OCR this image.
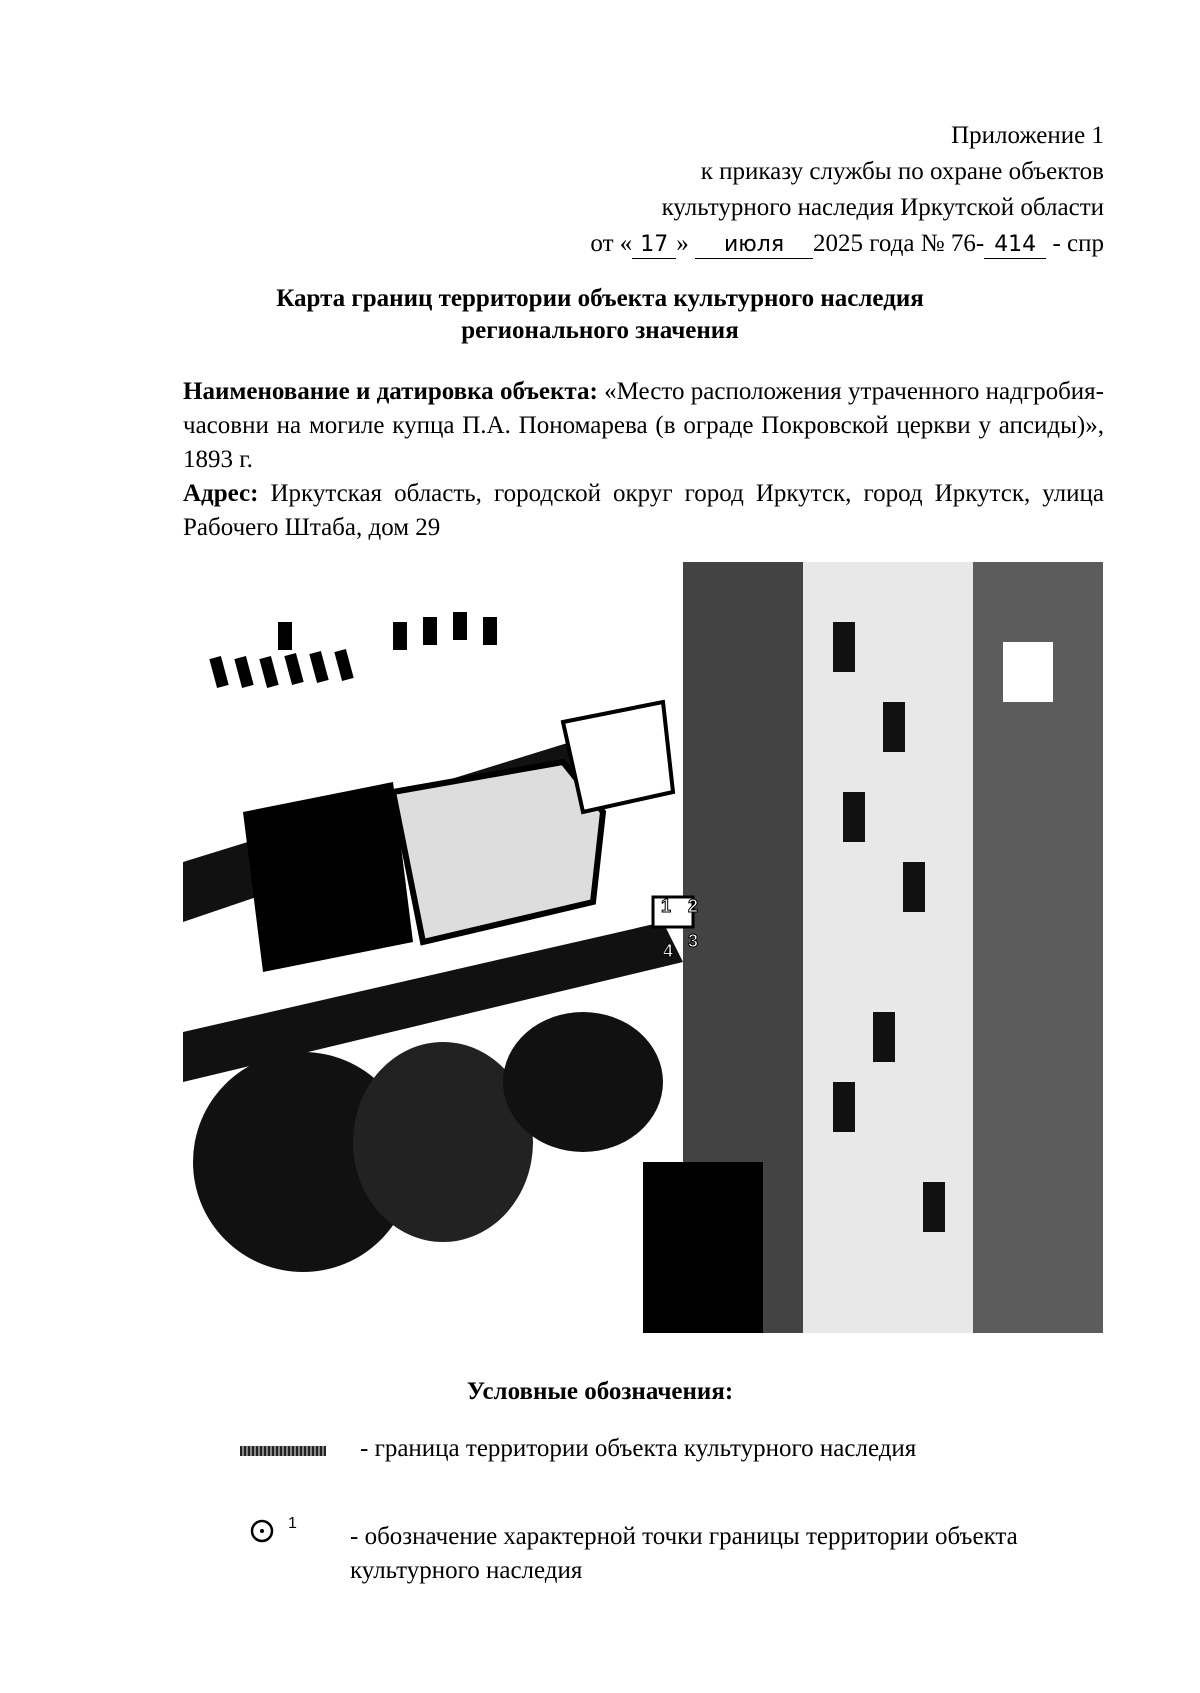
Приложение 1
к приказу службы по охране объектов
культурного наследия Иркутской области
от « 17 » июля 2025 года № 76- 414 - спр
Карта границ территории объекта культурного наследия
регионального значения
Наименование и датировка объекта: «Место расположения утраченного надгробия-часовни на могиле купца П.А. Пономарева (в ограде Покровской церкви у апсиды)», 1893 г.
Адрес: Иркутская область, городской округ город Иркутск, город Иркутск, улица Рабочего Штаба, дом 29
1 2
3
4
Условные обозначения:
- граница территории объекта культурного наследия
1 - обозначение характерной точки границы территории объекта культурного наследия
